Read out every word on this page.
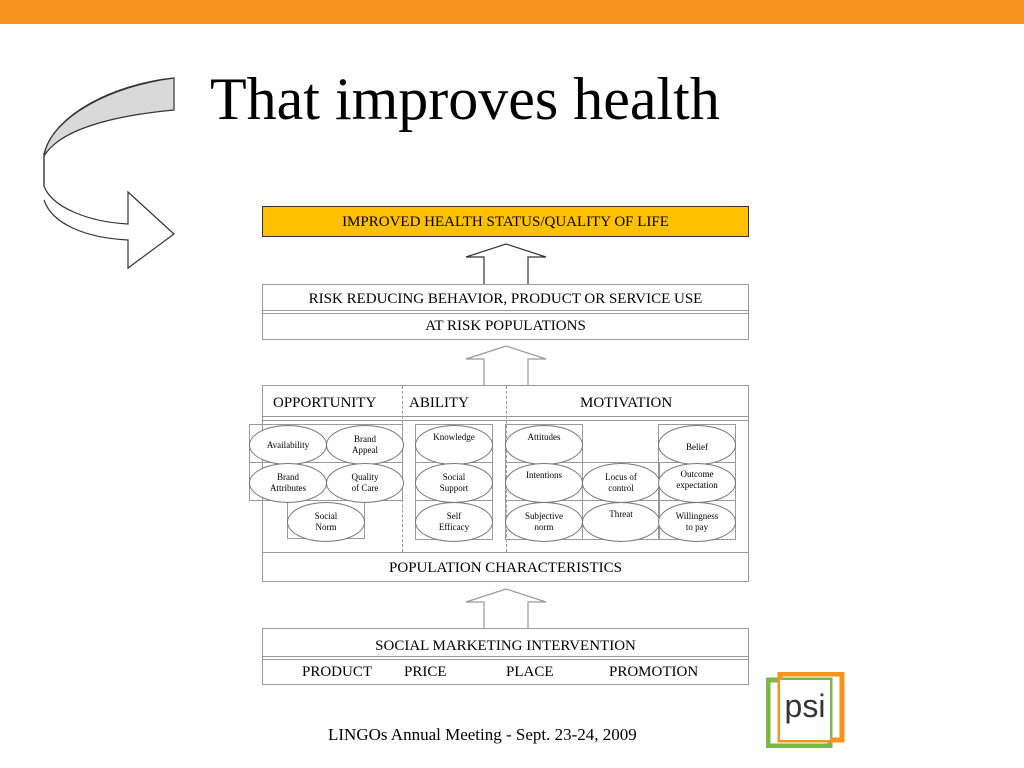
That improves health
IMPROVED HEALTH STATUS/QUALITY OF LIFE
RISK REDUCING BEHAVIOR, PRODUCT OR SERVICE USE
AT RISK POPULATIONS
OPPORTUNITY ABILITY	MOTIVATION
Availability
Brand Appeal
Brand Attributes
Quality of Care
Social Norm
Knowledge
Social Support
Self Efficacy
Attitudes
Belief
Intentions	Locus of control
Outcome expectation
Subjective norm
Threat	Willingness to pay
POPULATION CHARACTERISTICS
SOCIAL MARKETING INTERVENTION
PRODUCT PRICE	PLACE	PROMOTION
psi
LINGOs Annual Meeting - Sept. 23-24, 2009
